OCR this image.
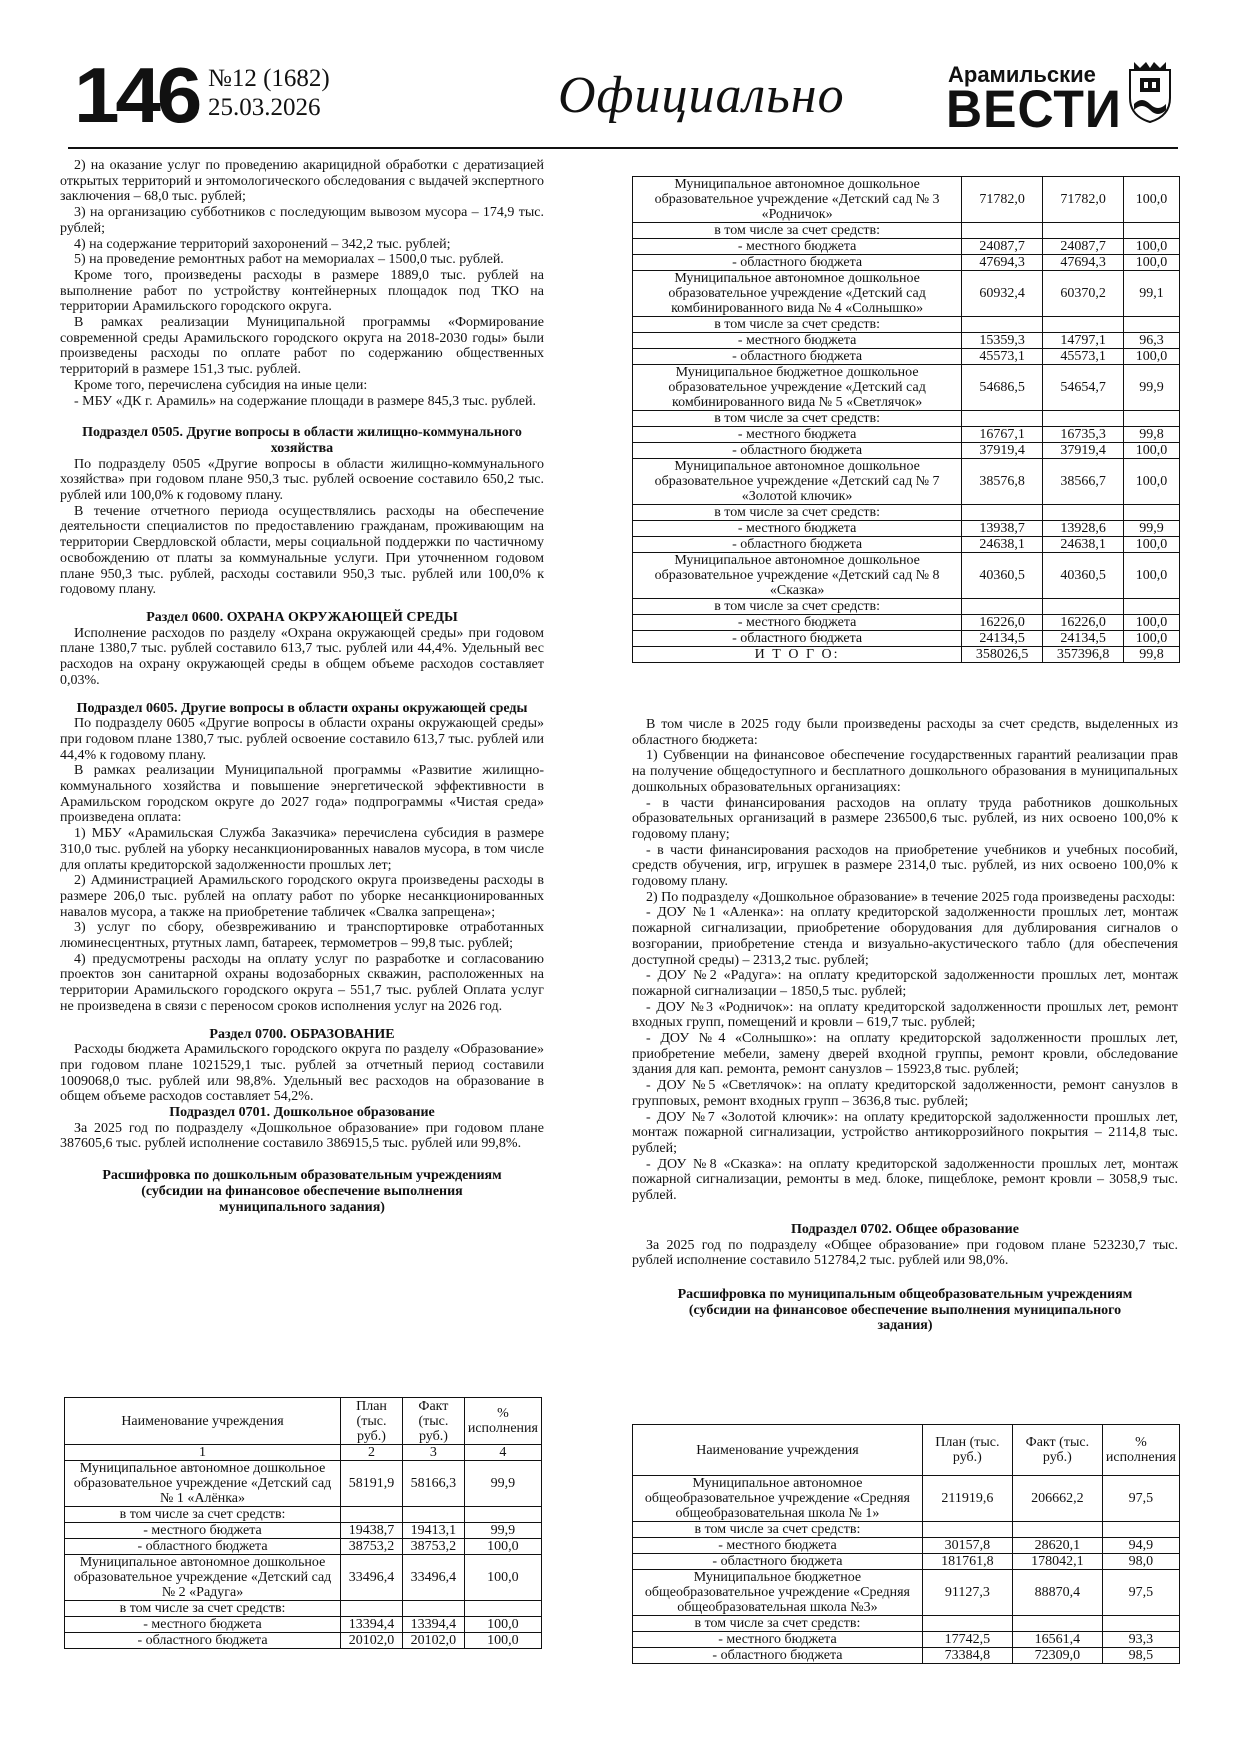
146 №12 (1682)
25.03.2026	Официально	Арамильские
ВЕСТИ

2) на оказание услуг по проведению акарицидной обработки с дератизацией открытых территорий и энтомологического обследования с выдачей экспертного заключения – 68,0 тыс. рублей;

3) на организацию субботников с последующим вывозом мусора – 174,9 тыс. рублей;

4) на содержание территорий захоронений – 342,2 тыс. рублей;

5) на проведение ремонтных работ на мемориалах – 1500,0 тыс. рублей.

Кроме того, произведены расходы в размере 1889,0 тыс. рублей на выполнение работ по устройству контейнерных площадок под ТКО на территории Арамильского городского округа.

В рамках реализации Муниципальной программы «Формирование современной среды Арамильского городского округа на 2018-2030 годы» были произведены расходы по оплате работ по содержанию общественных территорий в размере 151,3 тыс. рублей.

Кроме того, перечислена субсидия на иные цели:

- МБУ «ДК г. Арамиль» на содержание площади в размере 845,3 тыс. рублей.

Подраздел 0505. Другие вопросы в области жилищно-коммунального хозяйства

По подразделу 0505 «Другие вопросы в области жилищно-коммунального хозяйства» при годовом плане 950,3 тыс. рублей освоение составило 650,2 тыс. рублей или 100,0% к годовому плану.

В течение отчетного периода осуществлялись расходы на обеспечение деятельности специалистов по предоставлению гражданам, проживающим на территории Свердловской области, меры социальной поддержки по частичному освобождению от платы за коммунальные услуги. При уточненном годовом плане 950,3 тыс. рублей, расходы составили 950,3 тыс. рублей или 100,0% к годовому плану.

Раздел 0600. ОХРАНА ОКРУЖАЮЩЕЙ СРЕДЫ

Исполнение расходов по разделу «Охрана окружающей среды» при годовом плане 1380,7 тыс. рублей составило 613,7 тыс. рублей или 44,4%. Удельный вес расходов на охрану окружающей среды в общем объеме расходов составляет 0,03%.

Подраздел 0605. Другие вопросы в области охраны окружающей среды

По подразделу 0605 «Другие вопросы в области охраны окружающей среды» при годовом плане 1380,7 тыс. рублей освоение составило 613,7 тыс. рублей или 44,4% к годовому плану.

В рамках реализации Муниципальной программы «Развитие жилищно-коммунального хозяйства и повышение энергетической эффективности в Арамильском городском округе до 2027 года» подпрограммы «Чистая среда» произведена оплата:

1) МБУ «Арамильская Служба Заказчика» перечислена субсидия в размере 310,0 тыс. рублей на уборку несанкционированных навалов мусора, в том числе для оплаты кредиторской задолженности прошлых лет;

2) Администрацией Арамильского городского округа произведены расходы в размере 206,0 тыс. рублей на оплату работ по уборке несанкционированных навалов мусора, а также на приобретение табличек «Свалка запрещена»;

3) услуг по сбору, обезвреживанию и транспортировке отработанных люминесцентных, ртутных ламп, батареек, термометров – 99,8 тыс. рублей;

4) предусмотрены расходы на оплату услуг по разработке и согласованию проектов зон санитарной охраны водозаборных скважин, расположенных на территории Арамильского городского округа – 551,7 тыс. рублей Оплата услуг не произведена в связи с переносом сроков исполнения услуг на 2026 год.

Раздел 0700. ОБРАЗОВАНИЕ

Расходы бюджета Арамильского городского округа по разделу «Образование» при годовом плане 1021529,1 тыс. рублей за отчетный период составили 1009068,0 тыс. рублей или 98,8%. Удельный вес расходов на образование в общем объеме расходов составляет 54,2%.

Подраздел 0701. Дошкольное образование

За 2025 год по подразделу «Дошкольное образование» при годовом плане 387605,6 тыс. рублей исполнение составило 386915,5 тыс. рублей или 99,8%.

Расшифровка по дошкольным образовательным учреждениям (субсидии на финансовое обеспечение выполнения муниципального задания)
Наименование учреждения	План (тыс. руб.)	Факт (тыс. руб.)	% исполнения
1	2	3	4
Муниципальное автономное дошкольное образовательное учреждение «Детский сад № 1 «Алёнка»	58191,9	58166,3	99,9
в том числе за счет средств:			
- местного бюджета	19438,7	19413,1	99,9
- областного бюджета	38753,2	38753,2	100,0
Муниципальное автономное дошкольное образовательное учреждение «Детский сад № 2 «Радуга»	33496,4	33496,4	100,0
в том числе за счет средств:			
- местного бюджета	13394,4	13394,4	100,0
- областного бюджета	20102,0	20102,0	100,0
Муниципальное автономное дошкольное образовательное учреждение «Детский сад № 3 «Родничок»	71782,0	71782,0	100,0
в том числе за счет средств:			
- местного бюджета	24087,7	24087,7	100,0
- областного бюджета	47694,3	47694,3	100,0
Муниципальное автономное дошкольное образовательное учреждение «Детский сад комбинированного вида № 4 «Солнышко»	60932,4	60370,2	99,1
в том числе за счет средств:			
- местного бюджета	15359,3	14797,1	96,3
- областного бюджета	45573,1	45573,1	100,0
Муниципальное бюджетное дошкольное образовательное учреждение «Детский сад комбинированного вида № 5 «Светлячок»	54686,5	54654,7	99,9
в том числе за счет средств:			
- местного бюджета	16767,1	16735,3	99,8
- областного бюджета	37919,4	37919,4	100,0
Муниципальное автономное дошкольное образовательное учреждение «Детский сад № 7 «Золотой ключик»	38576,8	38566,7	100,0
в том числе за счет средств:			
- местного бюджета	13938,7	13928,6	99,9
- областного бюджета	24638,1	24638,1	100,0
Муниципальное автономное дошкольное образовательное учреждение «Детский сад № 8 «Сказка»	40360,5	40360,5	100,0
в том числе за счет средств:			
- местного бюджета	16226,0	16226,0	100,0
- областного бюджета	24134,5	24134,5	100,0
И Т О Г О:	358026,5	357396,8	99,8

В том числе в 2025 году были произведены расходы за счет средств, выделенных из областного бюджета:

1) Субвенции на финансовое обеспечение государственных гарантий реализации прав на получение общедоступного и бесплатного дошкольного образования в муниципальных дошкольных образовательных организациях:

- в части финансирования расходов на оплату труда работников дошкольных образовательных организаций в размере 236500,6 тыс. рублей, из них освоено 100,0% к годовому плану;

- в части финансирования расходов на приобретение учебников и учебных пособий, средств обучения, игр, игрушек в размере 2314,0 тыс. рублей, из них освоено 100,0% к годовому плану.

2) По подразделу «Дошкольное образование» в течение 2025 года произведены расходы:

- ДОУ №1 «Аленка»: на оплату кредиторской задолженности прошлых лет, монтаж пожарной сигнализации, приобретение оборудования для дублирования сигналов о возгорании, приобретение стенда и визуально-акустического табло (для обеспечения доступной среды) – 2313,2 тыс. рублей;

- ДОУ №2 «Радуга»: на оплату кредиторской задолженности прошлых лет, монтаж пожарной сигнализации – 1850,5 тыс. рублей;

- ДОУ №3 «Родничок»: на оплату кредиторской задолженности прошлых лет, ремонт входных групп, помещений и кровли – 619,7 тыс. рублей;

- ДОУ №4 «Солнышко»: на оплату кредиторской задолженности прошлых лет, приобретение мебели, замену дверей входной группы, ремонт кровли, обследование здания для кап. ремонта, ремонт санузлов – 15923,8 тыс. рублей;

- ДОУ №5 «Светлячок»: на оплату кредиторской задолженности, ремонт санузлов в групповых, ремонт входных групп – 3636,8 тыс. рублей;

- ДОУ №7 «Золотой ключик»: на оплату кредиторской задолженности прошлых лет, монтаж пожарной сигнализации, устройство антикоррозийного покрытия – 2114,8 тыс. рублей;

- ДОУ №8 «Сказка»: на оплату кредиторской задолженности прошлых лет, монтаж пожарной сигнализации, ремонты в мед. блоке, пищеблоке, ремонт кровли – 3058,9 тыс. рублей.

Подраздел 0702. Общее образование

За 2025 год по подразделу «Общее образование» при годовом плане 523230,7 тыс. рублей исполнение составило 512784,2 тыс. рублей или 98,0%.

Расшифровка по муниципальным общеобразовательным учреждениям (субсидии на финансовое обеспечение выполнения муниципального задания)
Наименование учреждения	План (тыс. руб.)	Факт (тыс. руб.)	% исполнения
Муниципальное автономное общеобразовательное учреждение «Средняя общеобразовательная школа № 1»	211919,6	206662,2	97,5
в том числе за счет средств:			
- местного бюджета	30157,8	28620,1	94,9
- областного бюджета	181761,8	178042,1	98,0
Муниципальное бюджетное общеобразовательное учреждение «Средняя общеобразовательная школа №3»	91127,3	88870,4	97,5
в том числе за счет средств:			
- местного бюджета	17742,5	16561,4	93,3
- областного бюджета	73384,8	72309,0	98,5
